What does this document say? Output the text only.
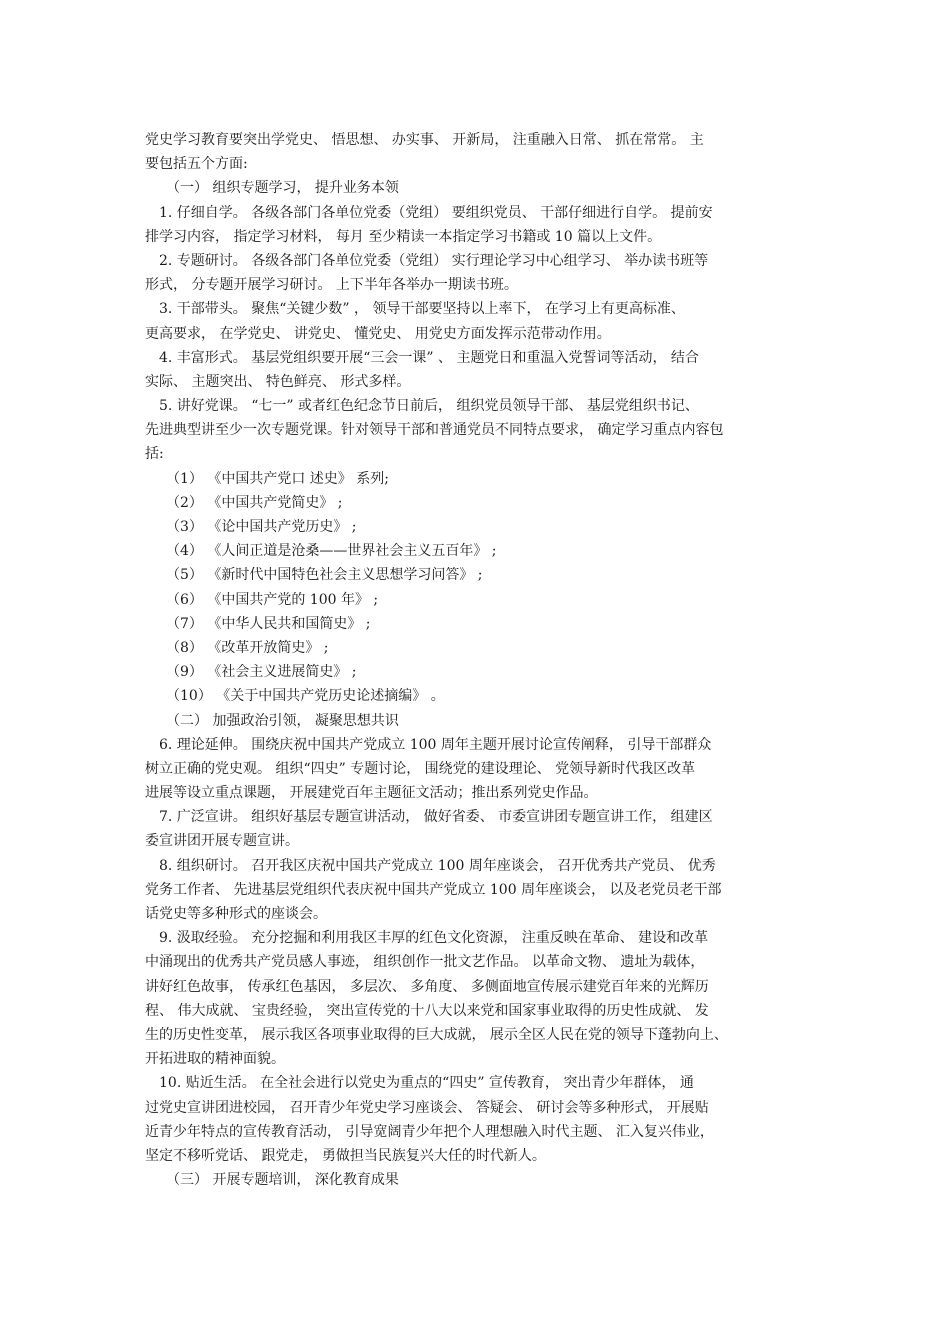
党史学习教育要突出学党史、 悟思想、 办实事、 开新局， 注重融入日常、 抓在常常。 主
要包括五个方面:
（一） 组织专题学习， 提升业务本领
1. 仔细自学。 各级各部门各单位党委（党组） 要组织党员、 干部仔细进行自学。 提前安
排学习内容， 指定学习材料， 每月 至少精读一本指定学习书籍或 10 篇以上文件。
2. 专题研讨。 各级各部门各单位党委（党组） 实行理论学习中心组学习、 举办读书班等
形式， 分专题开展学习研讨。 上下半年各举办一期读书班。
3. 干部带头。 聚焦“关键少数” ， 领导干部要坚持以上率下， 在学习上有更高标准、
更高要求， 在学党史、 讲党史、 懂党史、 用党史方面发挥示范带动作用。
4. 丰富形式。 基层党组织要开展“三会一课” 、 主题党日和重温入党誓词等活动， 结合
实际、 主题突出、 特色鲜亮、 形式多样。
5. 讲好党课。 “七一” 或者红色纪念节日前后， 组织党员领导干部、 基层党组织书记、
先进典型讲至少一次专题党课。针对领导干部和普通党员不同特点要求， 确定学习重点内容包
括:
（1） 《中国共产党口 述史》 系列;
（2） 《中国共产党简史》 ;
（3） 《论中国共产党历史》 ;
（4） 《人间正道是沧桑——世界社会主义五百年》 ;
（5） 《新时代中国特色社会主义思想学习问答》 ;
（6） 《中国共产党的 100 年》 ;
（7） 《中华人民共和国简史》 ;
（8） 《改革开放简史》 ;
（9） 《社会主义进展简史》 ;
（10） 《关于中国共产党历史论述摘编》 。
（二） 加强政治引领， 凝聚思想共识
6. 理论延伸。 围绕庆祝中国共产党成立 100 周年主题开展讨论宣传阐释， 引导干部群众
树立正确的党史观。 组织“四史” 专题讨论， 围绕党的建设理论、 党领导新时代我区改革
进展等设立重点课题， 开展建党百年主题征文活动；推出系列党史作品。
7. 广泛宣讲。 组织好基层专题宣讲活动， 做好省委、 市委宣讲团专题宣讲工作， 组建区
委宣讲团开展专题宣讲。
8. 组织研讨。 召开我区庆祝中国共产党成立 100 周年座谈会， 召开优秀共产党员、 优秀
党务工作者、 先进基层党组织代表庆祝中国共产党成立 100 周年座谈会， 以及老党员老干部
话党史等多种形式的座谈会。
9. 汲取经验。 充分挖掘和利用我区丰厚的红色文化资源， 注重反映在革命、 建设和改革
中涌现出的优秀共产党员感人事迹， 组织创作一批文艺作品。 以革命文物、 遗址为载体，
讲好红色故事， 传承红色基因， 多层次、 多角度、 多侧面地宣传展示建党百年来的光辉历
程、 伟大成就、 宝贵经验， 突出宣传党的十八大以来党和国家事业取得的历史性成就、 发
生的历史性变革， 展示我区各项事业取得的巨大成就， 展示全区人民在党的领导下蓬勃向上、
开拓进取的精神面貌。
10. 贴近生活。 在全社会进行以党史为重点的“四史” 宣传教育， 突出青少年群体， 通
过党史宣讲团进校园， 召开青少年党史学习座谈会、 答疑会、 研讨会等多种形式， 开展贴
近青少年特点的宣传教育活动， 引导宽阔青少年把个人理想融入时代主题、 汇入复兴伟业，
坚定不移听党话、 跟党走， 勇做担当民族复兴大任的时代新人。
（三） 开展专题培训， 深化教育成果
